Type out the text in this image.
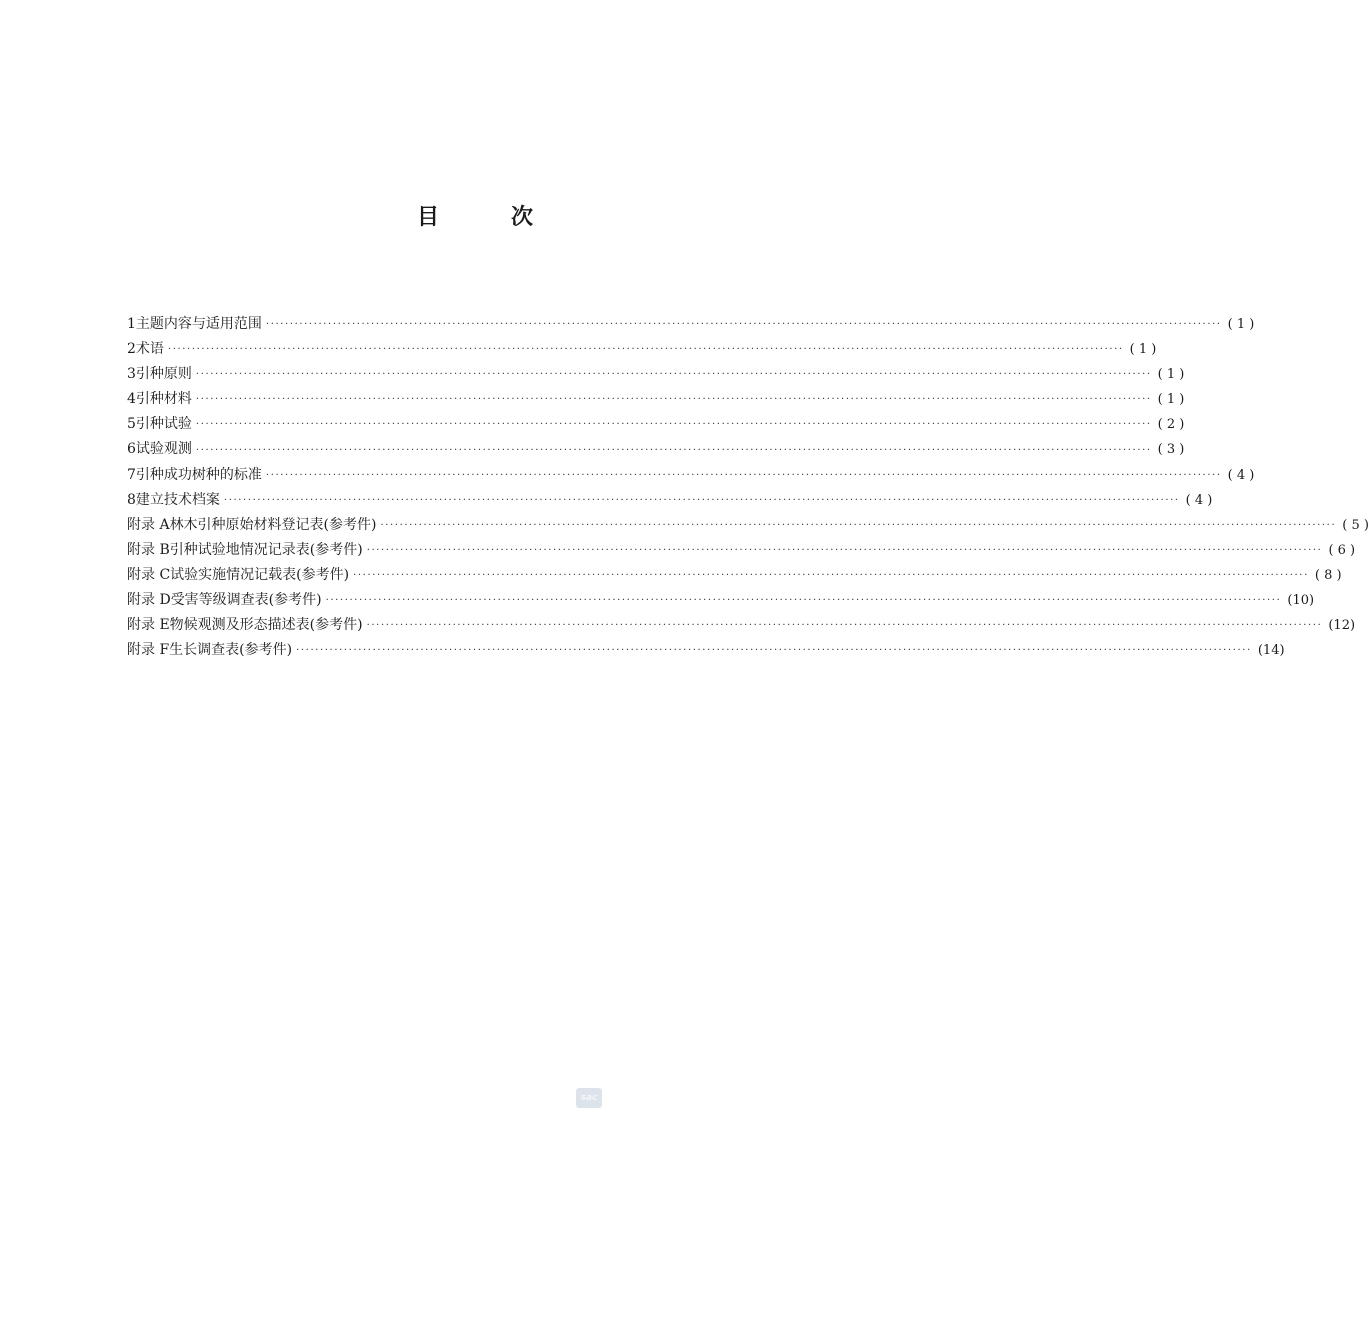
目	次
1 主题内容与适用范围 ········································································································································································································ ( 1 )
2 术语 ········································································································································································································ ( 1 )
3 引种原则 ········································································································································································································ ( 1 )
4 引种材料 ········································································································································································································ ( 1 )
5 引种试验 ········································································································································································································ ( 2 )
6 试验观测 ········································································································································································································ ( 3 )
7 引种成功树种的标准 ········································································································································································································ ( 4 )
8 建立技术档案 ········································································································································································································ ( 4 )
附录 A 林木引种原始材料登记表(参考件) ········································································································································································································ ( 5 )
附录 B 引种试验地情况记录表(参考件) ········································································································································································································ ( 6 )
附录 C 试验实施情况记载表(参考件) ········································································································································································································ ( 8 )
附录 D 受害等级调查表(参考件) ········································································································································································································ (10)
附录 E 物候观测及形态描述表(参考件) ········································································································································································································ (12)
附录 F 生长调查表(参考件) ········································································································································································································ (14)
sac
